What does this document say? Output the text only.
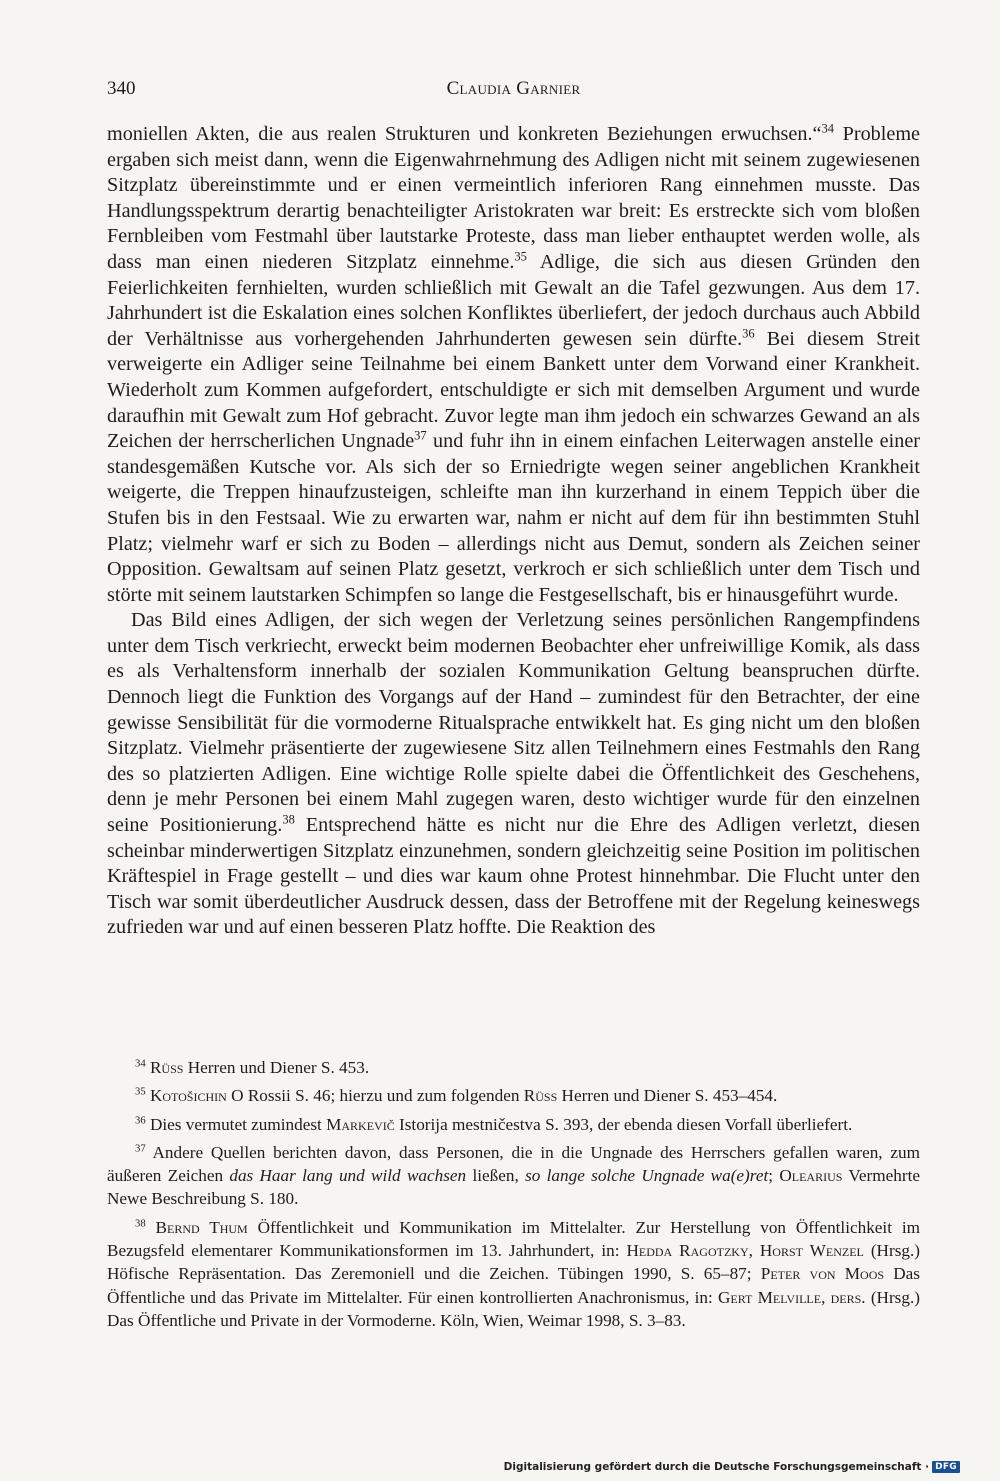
340	Claudia Garnier

moniellen Akten, die aus realen Strukturen und konkreten Beziehungen erwuchsen.“$^{34}$ Probleme ergaben sich meist dann, wenn die Eigenwahrnehmung des Adligen nicht mit seinem zugewiesenen Sitzplatz übereinstimmte und er einen vermeintlich inferioren Rang einnehmen musste. Das Handlungsspektrum derartig benachteiligter Aristokraten war breit: Es erstreckte sich vom bloßen Fernbleiben vom Festmahl über lautstarke Proteste, dass man lieber enthauptet werden wolle, als dass man einen niederen Sitzplatz einnehme.$^{35}$ Adlige, die sich aus diesen Gründen den Feierlichkeiten fernhielten, wurden schließlich mit Gewalt an die Tafel gezwungen. Aus dem 17. Jahrhundert ist die Eskalation eines solchen Konfliktes überliefert, der jedoch durchaus auch Abbild der Verhältnisse aus vorhergehenden Jahrhunderten gewesen sein dürfte.$^{36}$ Bei diesem Streit verweigerte ein Adliger seine Teilnahme bei einem Bankett unter dem Vorwand einer Krankheit. Wiederholt zum Kommen aufgefordert, entschuldigte er sich mit demselben Argument und wurde daraufhin mit Gewalt zum Hof gebracht. Zuvor legte man ihm jedoch ein schwarzes Gewand an als Zeichen der herrscherlichen Ungnade$^{37}$ und fuhr ihn in einem einfachen Leiterwagen anstelle einer standesgemäßen Kutsche vor. Als sich der so Erniedrigte wegen seiner angeblichen Krankheit weigerte, die Treppen hinaufzusteigen, schleifte man ihn kurzerhand in einem Teppich über die Stufen bis in den Festsaal. Wie zu erwarten war, nahm er nicht auf dem für ihn bestimmten Stuhl Platz; vielmehr warf er sich zu Boden – allerdings nicht aus Demut, sondern als Zeichen seiner Opposition. Gewaltsam auf seinen Platz gesetzt, verkroch er sich schließlich unter dem Tisch und störte mit seinem lautstarken Schimpfen so lange die Festgesellschaft, bis er hinausgeführt wurde.

Das Bild eines Adligen, der sich wegen der Verletzung seines persönlichen Rangempfindens unter dem Tisch verkriecht, erweckt beim modernen Beobachter eher unfreiwillige Komik, als dass es als Verhaltensform innerhalb der sozialen Kommunikation Geltung beanspruchen dürfte. Dennoch liegt die Funktion des Vorgangs auf der Hand – zumindest für den Betrachter, der eine gewisse Sensibilität für die vormoderne Ritualsprache entwikkelt hat. Es ging nicht um den bloßen Sitzplatz. Vielmehr präsentierte der zugewiesene Sitz allen Teilnehmern eines Festmahls den Rang des so platzierten Adligen. Eine wichtige Rolle spielte dabei die Öffentlichkeit des Geschehens, denn je mehr Personen bei einem Mahl zugegen waren, desto wichtiger wurde für den einzelnen seine Positionierung.$^{38}$ Entsprechend hätte es nicht nur die Ehre des Adligen verletzt, diesen scheinbar minderwertigen Sitzplatz einzunehmen, sondern gleichzeitig seine Position im politischen Kräftespiel in Frage gestellt – und dies war kaum ohne Protest hinnehmbar. Die Flucht unter den Tisch war somit überdeutlicher Ausdruck dessen, dass der Betroffene mit der Regelung keineswegs zufrieden war und auf einen besseren Platz hoffte. Die Reaktion des

$^{34}$ Rüß Herren und Diener S. 453.

$^{35}$ Kotošichin O Rossii S. 46; hierzu und zum folgenden Rüß Herren und Diener S. 453–454.

$^{36}$ Dies vermutet zumindest Markevič Istorija mestničestva S. 393, der ebenda diesen Vorfall überliefert.

$^{37}$ Andere Quellen berichten davon, dass Personen, die in die Ungnade des Herrschers gefallen waren, zum äußeren Zeichen das Haar lang und wild wachsen ließen, so lange solche Ungnade wa(e)ret; Olearius Vermehrte Newe Beschreibung S. 180.

$^{38}$ Bernd Thum Öffentlichkeit und Kommunikation im Mittelalter. Zur Herstellung von Öffentlichkeit im Bezugsfeld elementarer Kommunikationsformen im 13. Jahrhundert, in: Hedda Ragotzky, Horst Wenzel (Hrsg.) Höfische Repräsentation. Das Zeremoniell und die Zeichen. Tübingen 1990, S. 65–87; Peter von Moos Das Öffentliche und das Private im Mittelalter. Für einen kontrollierten Anachronismus, in: Gert Melville, ders. (Hrsg.) Das Öffentliche und Private in der Vormoderne. Köln, Wien, Weimar 1998, S. 3–83.

Digitalisierung gefördert durch die Deutsche Forschungsgemeinschaft · DFG
